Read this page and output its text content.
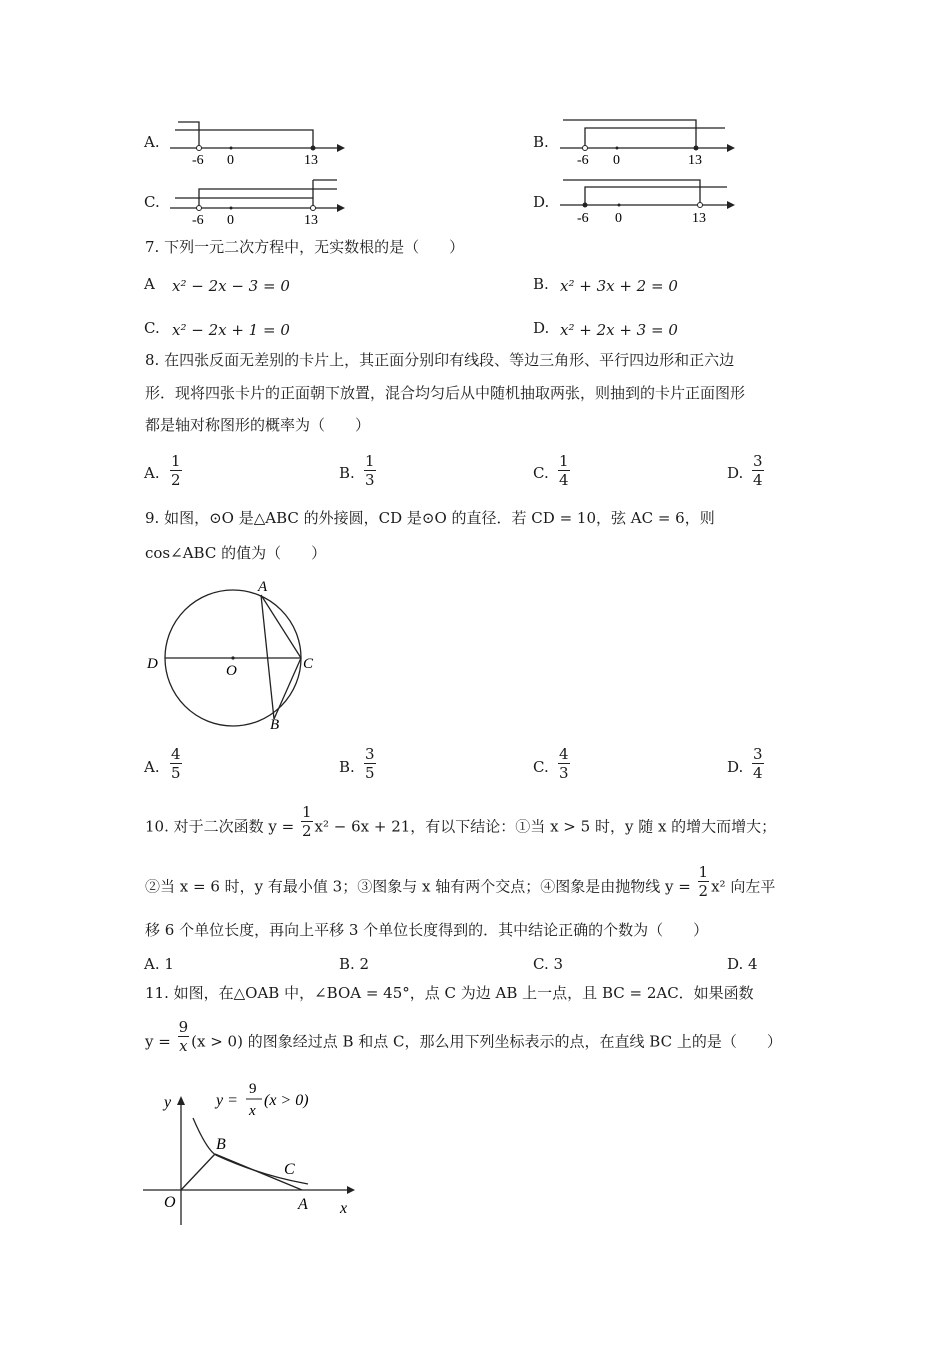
A.
-6 0	13
B.
-6 0	13
C.
-6 0	13
D.
-6 0	13
7. 下列一元二次方程中，无实数根的是（　　）
A x² − 2x − 3 = 0	B. x² + 3x + 2 = 0
C. x² − 2x + 1 = 0	D. x² + 2x + 3 = 0
8. 在四张反面无差别的卡片上，其正面分别印有线段、等边三角形、平行四边形和正六边
形．现将四张卡片的正面朝下放置，混合均匀后从中随机抽取两张，则抽到的卡片正面图形
都是轴对称图形的概率为（　　）
A. $\frac{1}{2}$	B. $\frac{1}{3}$	C. $\frac{1}{4}$	D. $\frac{3}{4}$
9. 如图，⊙O 是△ABC 的外接圆，CD 是⊙O 的直径．若 CD = 10，弦 AC = 6，则
cos∠ABC 的值为（　　）
A
B
C
D	O
A. $\frac{4}{5}$	B. $\frac{3}{5}$	C. $\frac{4}{3}$	D. $\frac{3}{4}$
10. 对于二次函数 $y = \frac{1}{2} x^2 - 6x + 21$，有以下结论：①当 x > 5 时，y 随 x 的增大而增大；
②当 x = 6 时，y 有最小值 3；③图象与 x 轴有两个交点；④图象是由抛物线 $y = \frac{1}{2} x^2$ 向左平
移 6 个单位长度，再向上平移 3 个单位长度得到的．其中结论正确的个数为（　　）
A. 1	B. 2	C. 3	D. 4
11. 如图，在△OAB 中，∠BOA = 45°，点 C 为边 AB 上一点，且 BC = 2AC．如果函数
$y = \frac{9}{x} (x > 0)$ 的图象经过点 B 和点 C，那么用下列坐标表示的点，在直线 BC 上的是（　　）
y
x
O	A
B
C
y =
9
x
(x > 0)
